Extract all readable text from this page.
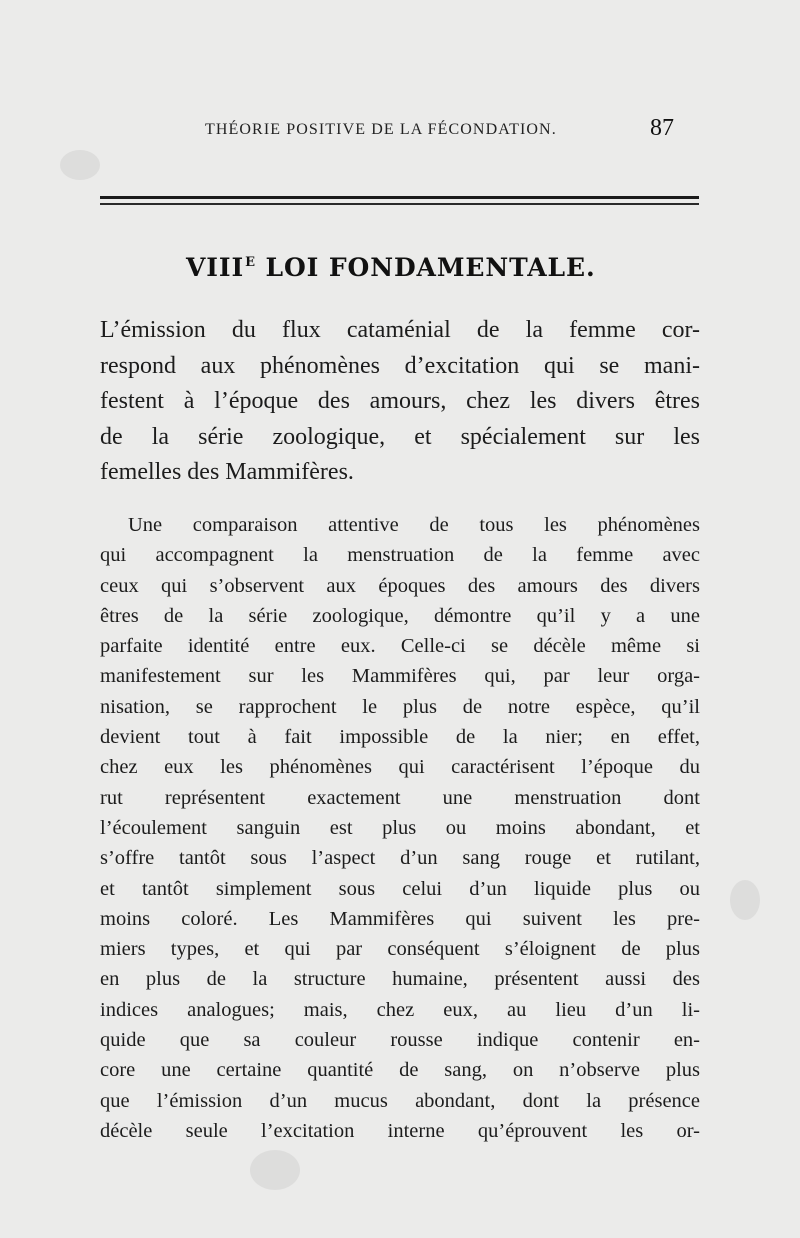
THÉORIE POSITIVE DE LA FÉCONDATION.	87
$VIII^E$ LOI FONDAMENTALE.
L’émission du flux cataménial de la femme cor-
respond aux phénomènes d’excitation qui se mani-
festent à l’époque des amours, chez les divers êtres
de la série zoologique, et spécialement sur les
femelles des Mammifères.
Une comparaison attentive de tous les phénomènes
qui accompagnent la menstruation de la femme avec
ceux qui s’observent aux époques des amours des divers
êtres de la série zoologique, démontre qu’il y a une
parfaite identité entre eux. Celle-ci se décèle même si
manifestement sur les Mammifères qui, par leur orga-
nisation, se rapprochent le plus de notre espèce, qu’il
devient tout à fait impossible de la nier; en effet,
chez eux les phénomènes qui caractérisent l’époque du
rut représentent exactement une menstruation dont
l’écoulement sanguin est plus ou moins abondant, et
s’offre tantôt sous l’aspect d’un sang rouge et rutilant,
et tantôt simplement sous celui d’un liquide plus ou
moins coloré. Les Mammifères qui suivent les pre-
miers types, et qui par conséquent s’éloignent de plus
en plus de la structure humaine, présentent aussi des
indices analogues; mais, chez eux, au lieu d’un li-
quide que sa couleur rousse indique contenir en-
core une certaine quantité de sang, on n’observe plus
que l’émission d’un mucus abondant, dont la présence
décèle seule l’excitation interne qu’éprouvent les or-
